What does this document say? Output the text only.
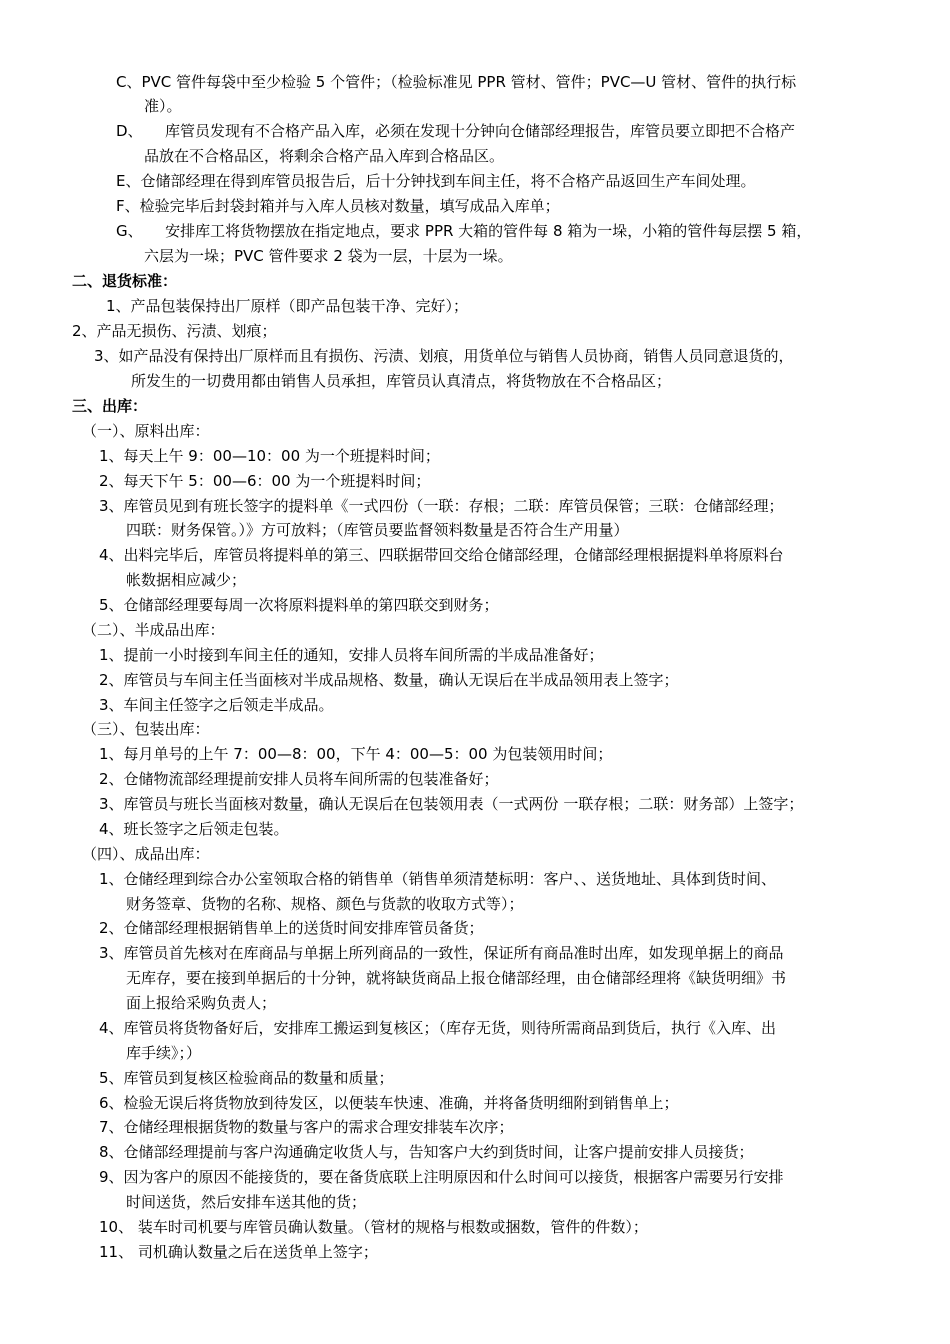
C、PVC 管件每袋中至少检验 5 个管件；（检验标准见 PPR 管材、管件；PVC—U 管材、管件的执行标
准）。
D、　　库管员发现有不合格产品入库，必须在发现十分钟向仓储部经理报告，库管员要立即把不合格产
品放在不合格品区，将剩余合格产品入库到合格品区。
E、仓储部经理在得到库管员报告后，后十分钟找到车间主任，将不合格产品返回生产车间处理。
F、检验完毕后封袋封箱并与入库人员核对数量，填写成品入库单；
G、　　安排库工将货物摆放在指定地点，要求 PPR 大箱的管件每 8 箱为一垛，小箱的管件每层摆 5 箱，
六层为一垛；PVC 管件要求 2 袋为一层，十层为一垛。
二、退货标准：
1、产品包装保持出厂原样（即产品包装干净、完好）；
2、产品无损伤、污渍、划痕；
3、如产品没有保持出厂原样而且有损伤、污渍、划痕，用货单位与销售人员协商，销售人员同意退货的，
所发生的一切费用都由销售人员承担，库管员认真清点，将货物放在不合格品区；
三、出库：
（一）、原料出库：
1、每天上午 9：00—10：00 为一个班提料时间；
2、每天下午 5：00—6：00 为一个班提料时间；
3、库管员见到有班长签字的提料单《一式四份（一联：存根；二联：库管员保管；三联：仓储部经理；
四联：财务保管。）》方可放料；（库管员要监督领料数量是否符合生产用量）
4、出料完毕后，库管员将提料单的第三、四联据带回交给仓储部经理，仓储部经理根据提料单将原料台
帐数据相应减少；
5、仓储部经理要每周一次将原料提料单的第四联交到财务；
（二）、半成品出库：
1、提前一小时接到车间主任的通知，安排人员将车间所需的半成品准备好；
2、库管员与车间主任当面核对半成品规格、数量，确认无误后在半成品领用表上签字；
3、车间主任签字之后领走半成品。
（三）、包装出库：
1、每月单号的上午 7：00—8：00，下午 4：00—5：00 为包装领用时间；
2、仓储物流部经理提前安排人员将车间所需的包装准备好；
3、库管员与班长当面核对数量，确认无误后在包装领用表（一式两份 一联存根；二联：财务部）上签字；
4、班长签字之后领走包装。
（四）、成品出库：
1、仓储经理到综合办公室领取合格的销售单（销售单须清楚标明：客户、、送货地址、具体到货时间、
财务签章、货物的名称、规格、颜色与货款的收取方式等）；
2、仓储部经理根据销售单上的送货时间安排库管员备货；
3、库管员首先核对在库商品与单据上所列商品的一致性，保证所有商品准时出库，如发现单据上的商品
无库存，要在接到单据后的十分钟，就将缺货商品上报仓储部经理，由仓储部经理将《缺货明细》书
面上报给采购负责人；
4、库管员将货物备好后，安排库工搬运到复核区；（库存无货，则待所需商品到货后，执行《入库、出
库手续》；）
5、库管员到复核区检验商品的数量和质量；
6、检验无误后将货物放到待发区，以便装车快速、准确，并将备货明细附到销售单上；
7、仓储经理根据货物的数量与客户的需求合理安排装车次序；
8、仓储部经理提前与客户沟通确定收货人与，告知客户大约到货时间，让客户提前安排人员接货；
9、因为客户的原因不能接货的，要在备货底联上注明原因和什么时间可以接货，根据客户需要另行安排
时间送货，然后安排车送其他的货；
10、 装车时司机要与库管员确认数量。（管材的规格与根数或捆数，管件的件数）；
11、 司机确认数量之后在送货单上签字；
